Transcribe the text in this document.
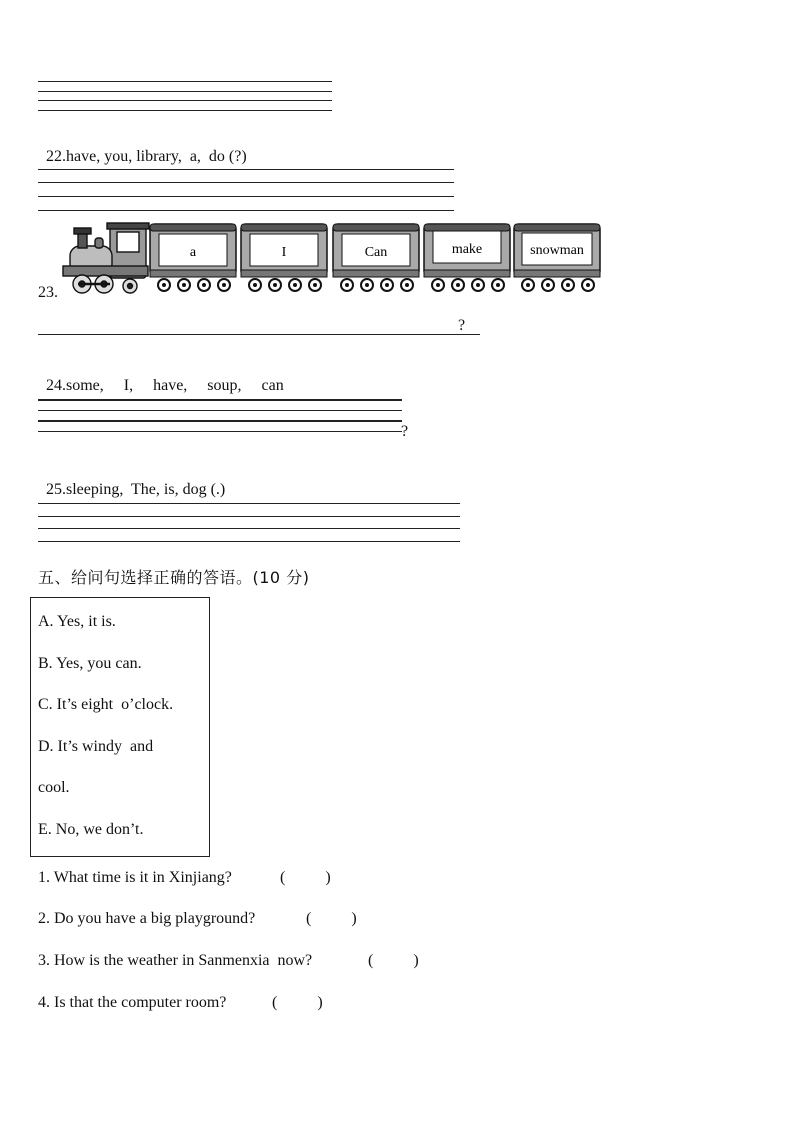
22.have, you, library,  a,  do (?)

23.
a	I	Can	make	snowman
?

24.some,     I,     have,     soup,     can

?

25.sleeping,  The, is, dog (.)

五、给问句选择正确的答语。(10 分)
A. Yes, it is.
B. Yes, you can.
C. It’s eight  o’clock.
D. It’s windy  and
cool.
E. No, we don’t.
1. What time is it in Xinjiang?	(          )
2. Do you have a big playground?	(          )
3. How is the weather in Sanmenxia  now?	(          )
4. Is that the computer room?	(          )
